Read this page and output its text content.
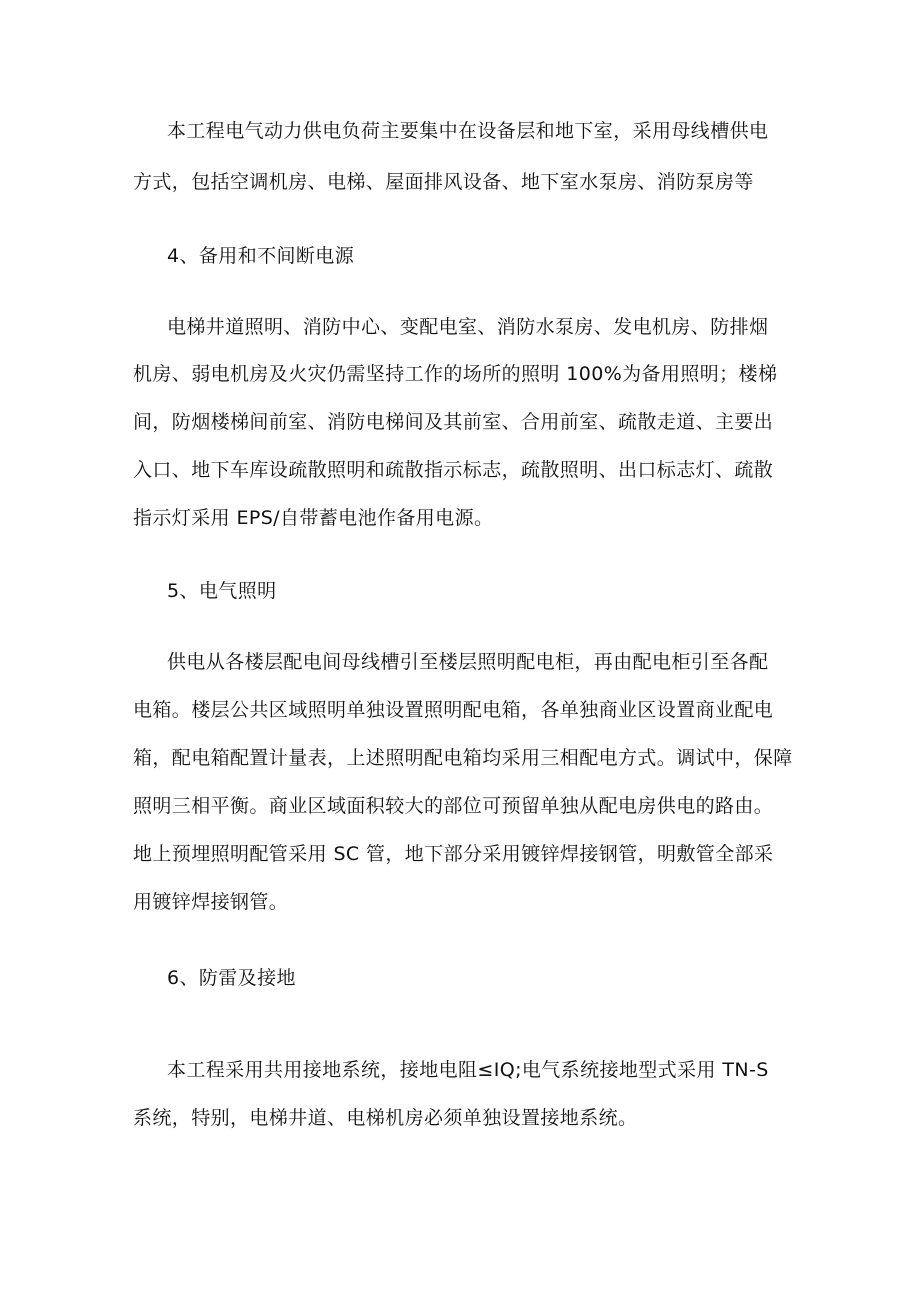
本工程电气动力供电负荷主要集中在设备层和地下室，采用母线槽供电
方式，包括空调机房、电梯、屋面排风设备、地下室水泵房、消防泵房等
4、备用和不间断电源
电梯井道照明、消防中心、变配电室、消防水泵房、发电机房、防排烟
机房、弱电机房及火灾仍需坚持工作的场所的照明 100%为备用照明；楼梯
间，防烟楼梯间前室、消防电梯间及其前室、合用前室、疏散走道、主要出
入口、地下车库设疏散照明和疏散指示标志，疏散照明、出口标志灯、疏散
指示灯采用 EPS/自带蓄电池作备用电源。
5、电气照明
供电从各楼层配电间母线槽引至楼层照明配电柜，再由配电柜引至各配
电箱。楼层公共区域照明单独设置照明配电箱，各单独商业区设置商业配电
箱，配电箱配置计量表，上述照明配电箱均采用三相配电方式。调试中，保障
照明三相平衡。商业区域面积较大的部位可预留单独从配电房供电的路由。
地上预埋照明配管采用 SC 管，地下部分采用镀锌焊接钢管，明敷管全部采
用镀锌焊接钢管。
6、防雷及接地
本工程采用共用接地系统，接地电阻≤IQ;电气系统接地型式采用 TN-S
系统，特别，电梯井道、电梯机房必须单独设置接地系统。
